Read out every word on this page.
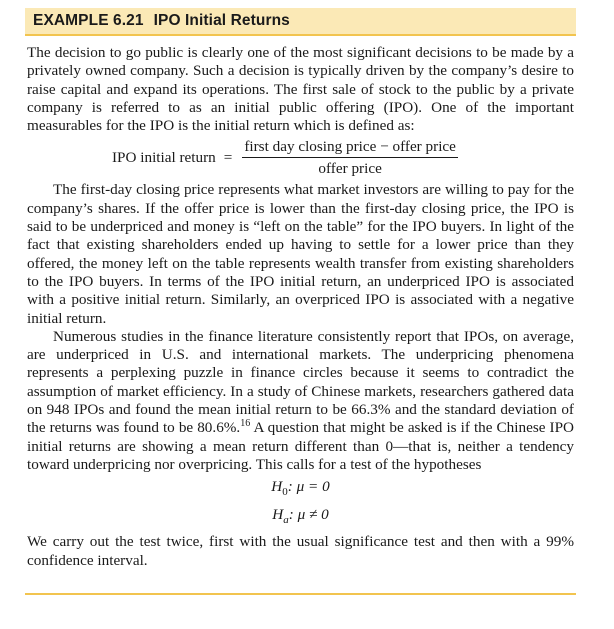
EXAMPLE 6.21 IPO Initial Returns

The decision to go public is clearly one of the most significant decisions to be made by a privately owned company. Such a decision is typically driven by the company’s desire to raise capital and expand its operations. The first sale of stock to the public by a private company is referred to as an initial public offering (IPO). One of the important measurables for the IPO is the initial return which is defined as:

IPO initial return = $\frac{\text{first day closing price − offer price}}{\text{offer price}}$

The first-day closing price represents what market investors are willing to pay for the company’s shares. If the offer price is lower than the first-day closing price, the IPO is said to be underpriced and money is “left on the table” for the IPO buyers. In light of the fact that existing shareholders ended up having to settle for a lower price than they offered, the money left on the table represents wealth transfer from existing shareholders to the IPO buyers. In terms of the IPO initial return, an underpriced IPO is associated with a positive initial return. Similarly, an overpriced IPO is associated with a negative initial return.

Numerous studies in the finance literature consistently report that IPOs, on average, are underpriced in U.S. and international markets. The underpricing phenomena represents a perplexing puzzle in finance circles because it seems to contradict the assumption of market efficiency. In a study of Chinese markets, researchers gathered data on 948 IPOs and found the mean initial return to be 66.3% and the standard deviation of the returns was found to be 80.6%.$^{16}$ A question that might be asked is if the Chinese IPO initial returns are showing a mean return different than 0—that is, neither a tendency toward underpricing nor overpricing. This calls for a test of the hypotheses

$H_0$: μ = 0
$H_a$: μ ≠ 0

We carry out the test twice, first with the usual significance test and then with a 99% confidence interval.
